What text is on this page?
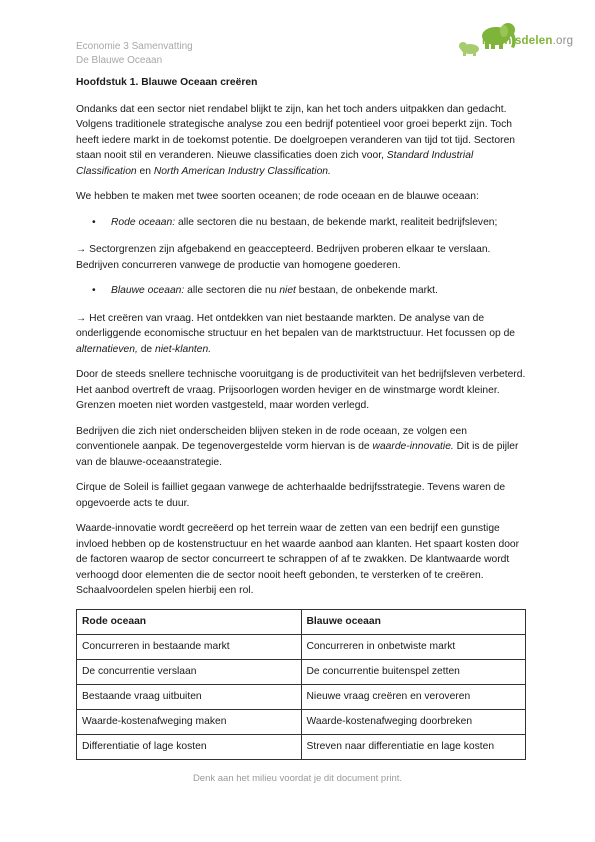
Economie 3 Samenvatting
De Blauwe Oceaan
Kennisdelen.org

Hoofdstuk 1. Blauwe Oceaan creëren

Ondanks dat een sector niet rendabel blijkt te zijn, kan het toch anders uitpakken dan gedacht. Volgens traditionele strategische analyse zou een bedrijf potentieel voor groei beperkt zijn. Toch heeft iedere markt in de toekomst potentie. De doelgroepen veranderen van tijd tot tijd. Sectoren staan nooit stil en veranderen. Nieuwe classificaties doen zich voor, Standard Industrial Classification en North American Industry Classification.

We hebben te maken met twee soorten oceanen; de rode oceaan en de blauwe oceaan:

•	Rode oceaan: alle sectoren die nu bestaan, de bekende markt, realiteit bedrijfsleven;

→ Sectorgrenzen zijn afgebakend en geaccepteerd. Bedrijven proberen elkaar te verslaan. Bedrijven concurreren vanwege de productie van homogene goederen.

•	Blauwe oceaan: alle sectoren die nu niet bestaan, de onbekende markt.

→ Het creëren van vraag. Het ontdekken van niet bestaande markten. De analyse van de onderliggende economische structuur en het bepalen van de marktstructuur. Het focussen op de alternatieven, de niet-klanten.

Door de steeds snellere technische vooruitgang is de productiviteit van het bedrijfsleven verbeterd. Het aanbod overtreft de vraag. Prijsoorlogen worden heviger en de winstmarge wordt kleiner. Grenzen moeten niet worden vastgesteld, maar worden verlegd.

Bedrijven die zich niet onderscheiden blijven steken in de rode oceaan, ze volgen een conventionele aanpak. De tegenovergestelde vorm hiervan is de waarde-innovatie. Dit is de pijler van de blauwe-oceaanstrategie.

Cirque de Soleil is failliet gegaan vanwege de achterhaalde bedrijfsstrategie. Tevens waren de opgevoerde acts te duur.

Waarde-innovatie wordt gecreëerd op het terrein waar de zetten van een bedrijf een gunstige invloed hebben op de kostenstructuur en het waarde aanbod aan klanten. Het spaart kosten door de factoren waarop de sector concurreert te schrappen of af te zwakken. De klantwaarde wordt verhoogd door elementen die de sector nooit heeft gebonden, te versterken of te creëren. Schaalvoordelen spelen hierbij een rol.

Rode oceaan	Blauwe oceaan
Concurreren in bestaande markt	Concurreren in onbetwiste markt
De concurrentie verslaan	De concurrentie buitenspel zetten
Bestaande vraag uitbuiten	Nieuwe vraag creëren en veroveren
Waarde-kostenafweging maken	Waarde-kostenafweging doorbreken
Differentiatie of lage kosten	Streven naar differentiatie en lage kosten
Denk aan het milieu voordat je dit document print.
